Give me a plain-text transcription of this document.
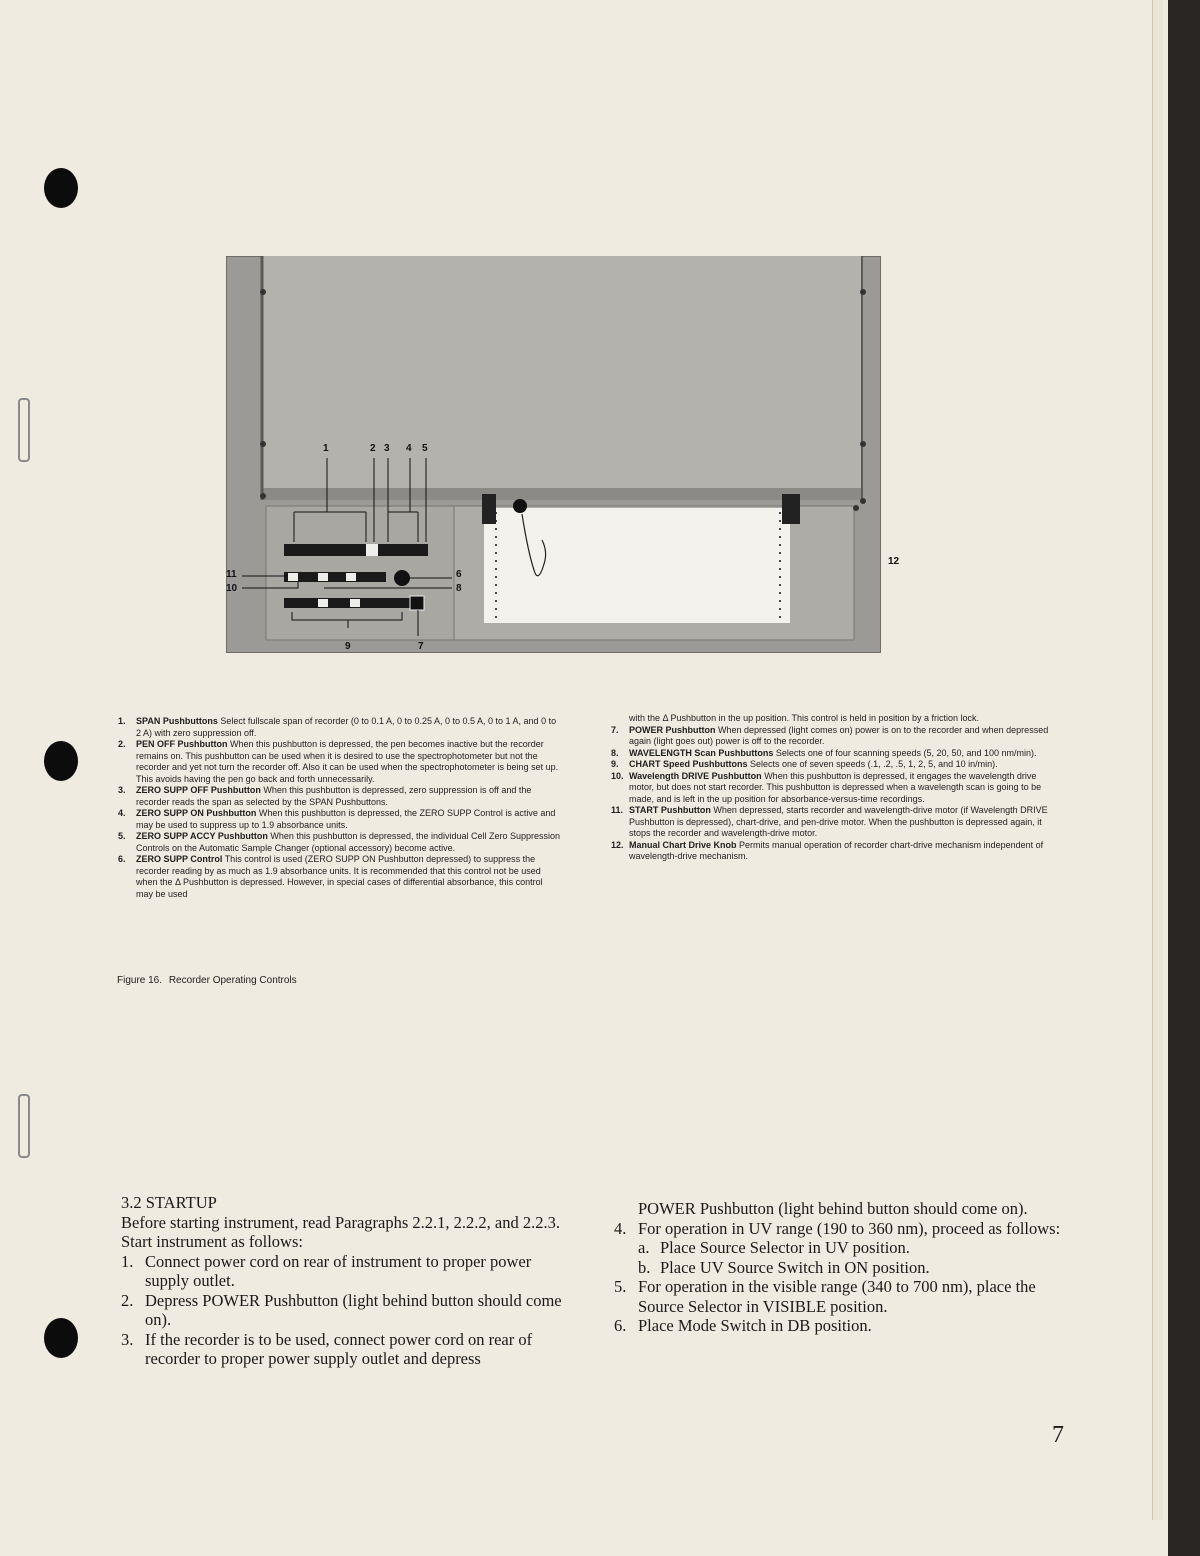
1	2 3 4 5
6
7
8
9
10
11
12

1. SPAN Pushbuttons Select fullscale span of recorder (0 to 0.1 A, 0 to 0.25 A, 0 to 0.5 A, 0 to 1 A, and 0 to 2 A) with zero suppression off.

2. PEN OFF Pushbutton When this pushbutton is depressed, the pen becomes inactive but the recorder remains on. This pushbutton can be used when it is desired to use the spectrophotometer but not the recorder and yet not turn the recorder off. Also it can be used when the spectrophotometer is being set up. This avoids having the pen go back and forth unnecessarily.

3. ZERO SUPP OFF Pushbutton When this pushbutton is depressed, zero suppression is off and the recorder reads the span as selected by the SPAN Pushbuttons.

4. ZERO SUPP ON Pushbutton When this pushbutton is depressed, the ZERO SUPP Control is active and may be used to suppress up to 1.9 absorbance units.

5. ZERO SUPP ACCY Pushbutton When this pushbutton is depressed, the individual Cell Zero Suppression Controls on the Automatic Sample Changer (optional accessory) become active.

6. ZERO SUPP Control This control is used (ZERO SUPP ON Pushbutton depressed) to suppress the recorder reading by as much as 1.9 absorbance units. It is recommended that this control not be used when the Δ Pushbutton is depressed. However, in special cases of differential absorbance, this control may be used

with the Δ Pushbutton in the up position. This control is held in position by a friction lock.

7. POWER Pushbutton When depressed (light comes on) power is on to the recorder and when depressed again (light goes out) power is off to the recorder.

8. WAVELENGTH Scan Pushbuttons Selects one of four scanning speeds (5, 20, 50, and 100 nm/min).

9. CHART Speed Pushbuttons Selects one of seven speeds (.1, .2, .5, 1, 2, 5, and 10 in/min).

10. Wavelength DRIVE Pushbutton When this pushbutton is depressed, it engages the wavelength drive motor, but does not start recorder. This pushbutton is depressed when a wavelength scan is going to be made, and is left in the up position for absorbance-versus-time recordings.

11. START Pushbutton When depressed, starts recorder and wavelength-drive motor (if Wavelength DRIVE Pushbutton is depressed), chart-drive, and pen-drive motor. When the pushbutton is depressed again, it stops the recorder and wavelength-drive motor.

12. Manual Chart Drive Knob Permits manual operation of recorder chart-drive mechanism independent of wavelength-drive mechanism.

Figure 16. Recorder Operating Controls

3.2 STARTUP

Before starting instrument, read Paragraphs 2.2.1, 2.2.2, and 2.2.3. Start instrument as follows:

1. Connect power cord on rear of instrument to proper power supply outlet.

2. Depress POWER Pushbutton (light behind button should come on).

3. If the recorder is to be used, connect power cord on rear of recorder to proper power supply outlet and depress

POWER Pushbutton (light behind button should come on).

4. For operation in UV range (190 to 360 nm), proceed as follows:

a. Place Source Selector in UV position.

b. Place UV Source Switch in ON position.

5. For operation in the visible range (340 to 700 nm), place the Source Selector in VISIBLE position.

6. Place Mode Switch in DB position.

7
